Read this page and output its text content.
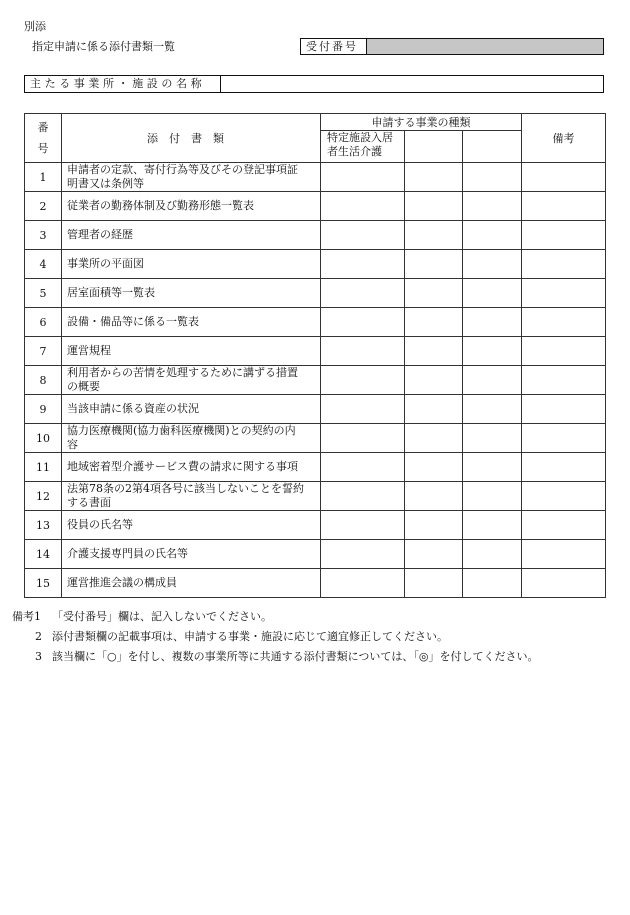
別添
指定申請に係る添付書類一覧	受付番号
主たる事業所・施設の名称
番
号	添付書類	申請する事業の種類			備考

		特定施設入居
者生活介護			

1	申請者の定款、寄付行為等及びその登記事項証
明書又は条例等				

2	従業者の勤務体制及び勤務形態一覧表				

3	管理者の経歴				

4	事業所の平面図				

5	居室面積等一覧表				

6	設備・備品等に係る一覧表				

7	運営規程				

8	利用者からの苦情を処理するために講ずる措置
の概要				

9	当該申請に係る資産の状況				

10	協力医療機関(協力歯科医療機関)との契約の内
容				

11	地域密着型介護サービス費の請求に関する事項				

12	法第78条の2第4項各号に該当しないことを誓約
する書面				

13	役員の氏名等				

14	介護支援専門員の氏名等				

15	運営推進会議の構成員				

備考1	「受付番号」欄は、記入しないでください。
2 添付書類欄の記載事項は、申請する事業・施設に応じて適宜修正してください。
3 該当欄に「○」を付し、複数の事業所等に共通する添付書類については、「◎」を付してください。
